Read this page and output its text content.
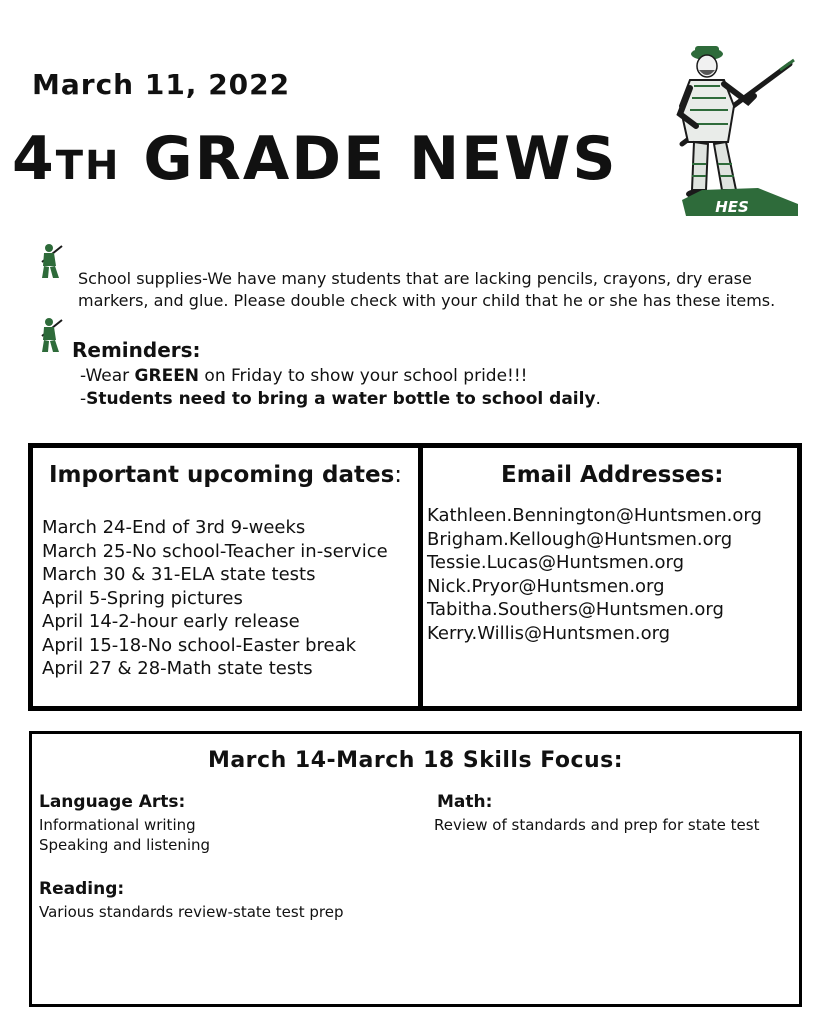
March 11, 2022
4TH GRADE NEWS
HES
School supplies-We have many students that are lacking pencils, crayons, dry erase
markers, and glue. Please double check with your child that he or she has these items.
Reminders:
-Wear GREEN on Friday to show your school pride!!!
-Students need to bring a water bottle to school daily.
Important upcoming dates:
March 24-End of 3rd 9-weeks
March 25-No school-Teacher in-service
March 30 & 31-ELA state tests
April 5-Spring pictures
April 14-2-hour early release
April 15-18-No school-Easter break
April 27 & 28-Math state tests
Email Addresses:
Kathleen.Bennington@Huntsmen.org
Brigham.Kellough@Huntsmen.org
Tessie.Lucas@Huntsmen.org
Nick.Pryor@Huntsmen.org
Tabitha.Southers@Huntsmen.org
Kerry.Willis@Huntsmen.org
March 14-March 18 Skills Focus:
Language Arts:
Informational writing
Speaking and listening
Math:
Review of standards and prep for state test
Reading:
Various standards review-state test prep
